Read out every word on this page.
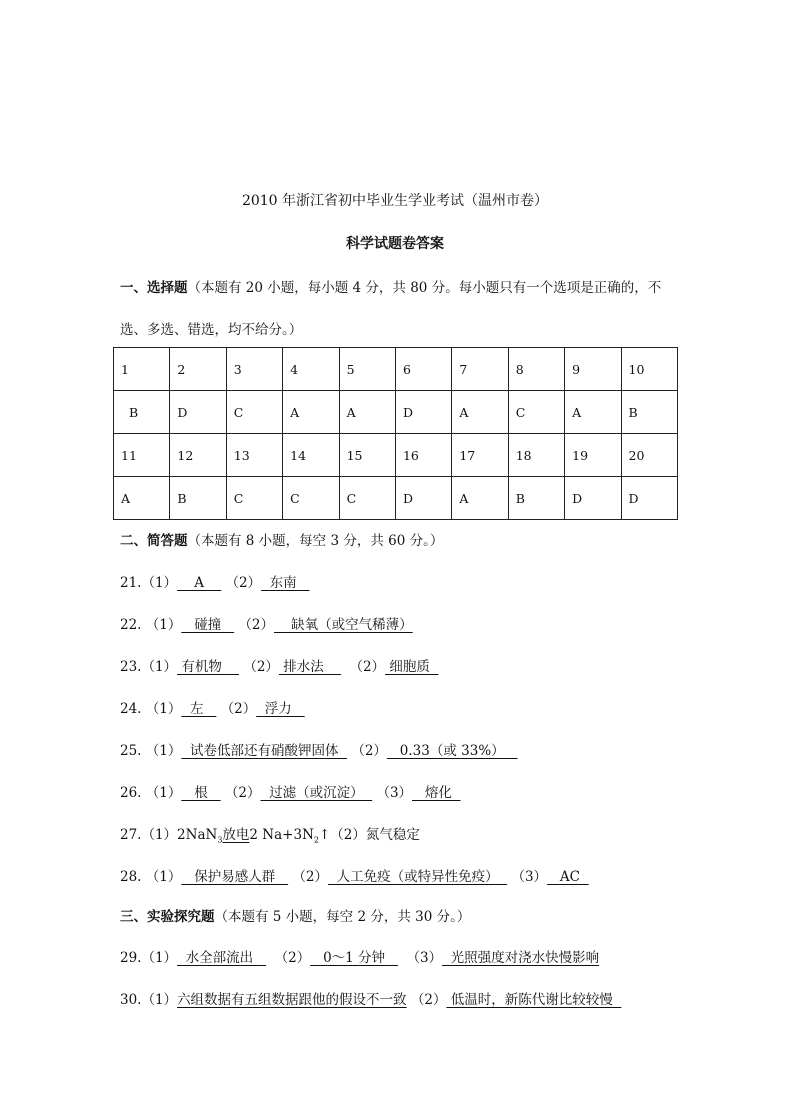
2010 年浙江省初中毕业生学业考试（温州市卷）
科学试题卷答案
一、选择题（本题有 20 小题，每小题 4 分，共 80 分。每小题只有一个选项是正确的，不
选、多选、错选，均不给分。）
1	2	3	4	5	6	7	8	9	10
B	D	C	A	A	D	A	C	A	B
11	12	13	14	15	16	17	18	19	20
A	B	C	C	C	D	A	B	D	D
二、简答题（本题有 8 小题，每空 3 分，共 60 分。）
21.（1）    A     （2）  东南
22. （1）   碰撞    （2）    缺氧（或空气稀薄）
23.（1） 有机物     （2） 排水法      （2） 细胞质
24. （1）  左    （2）  浮力
25. （1）  试卷低部还有硝酸钾固体   （2）   0.33（或 33%）
26. （1）   根    （2）  过滤（或沉淀）   （3）   熔化
27.（1）2NaN$_3$放电2 $Na+3N_2↑(2)$氮气稳定
28. （1）   保护易感人群    （2）  人工免疫（或特异性免疫）   （3）   AC
三、实验探究题（本题有 5 小题，每空 2 分，共 30 分。）
29.（1）  水全部流出     （2）   0～1 分钟     （3）  光照强度对浇水快慢影响
30.（1）六组数据有五组数据跟他的假设不一致 （2） 低温时，新陈代谢比较较慢
